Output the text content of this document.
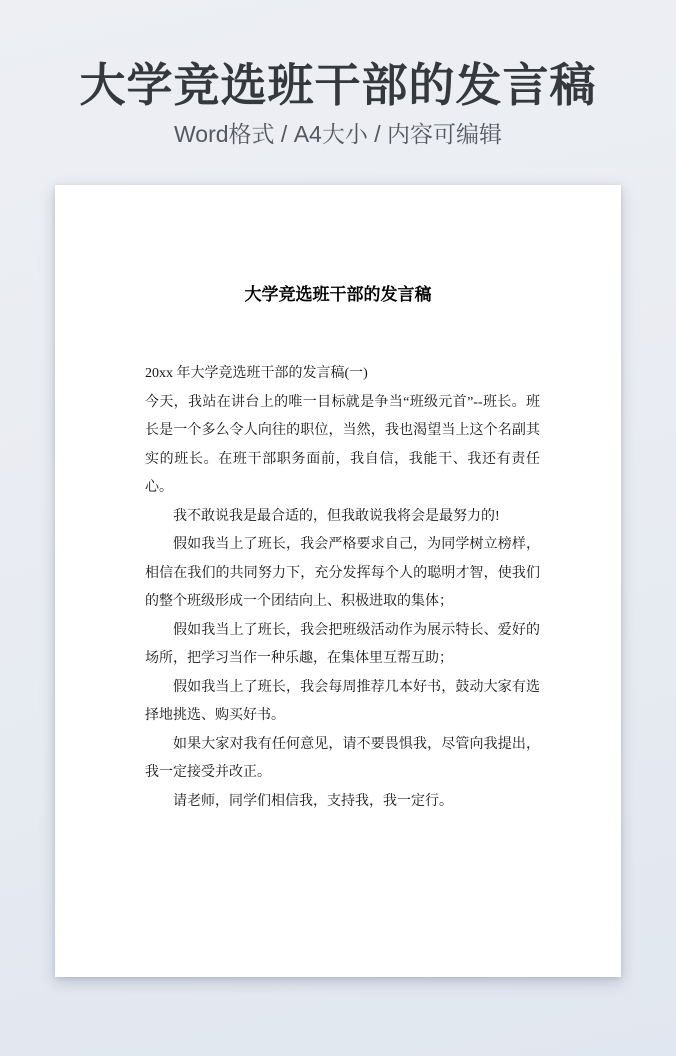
大学竞选班干部的发言稿
Word格式 / A4大小 / 内容可编辑
大学竞选班干部的发言稿

20xx 年大学竞选班干部的发言稿(一)

今天，我站在讲台上的唯一目标就是争当“班级元首”--班长。班长是一个多么令人向往的职位，当然，我也渴望当上这个名副其实的班长。在班干部职务面前，我自信，我能干、我还有责任心。

我不敢说我是最合适的，但我敢说我将会是最努力的!

假如我当上了班长，我会严格要求自己，为同学树立榜样，相信在我们的共同努力下，充分发挥每个人的聪明才智，使我们的整个班级形成一个团结向上、积极进取的集体；

假如我当上了班长，我会把班级活动作为展示特长、爱好的场所，把学习当作一种乐趣，在集体里互帮互助；

假如我当上了班长，我会每周推荐几本好书，鼓动大家有选择地挑选、购买好书。

如果大家对我有任何意见，请不要畏惧我，尽管向我提出，我一定接受并改正。

请老师，同学们相信我，支持我，我一定行。
